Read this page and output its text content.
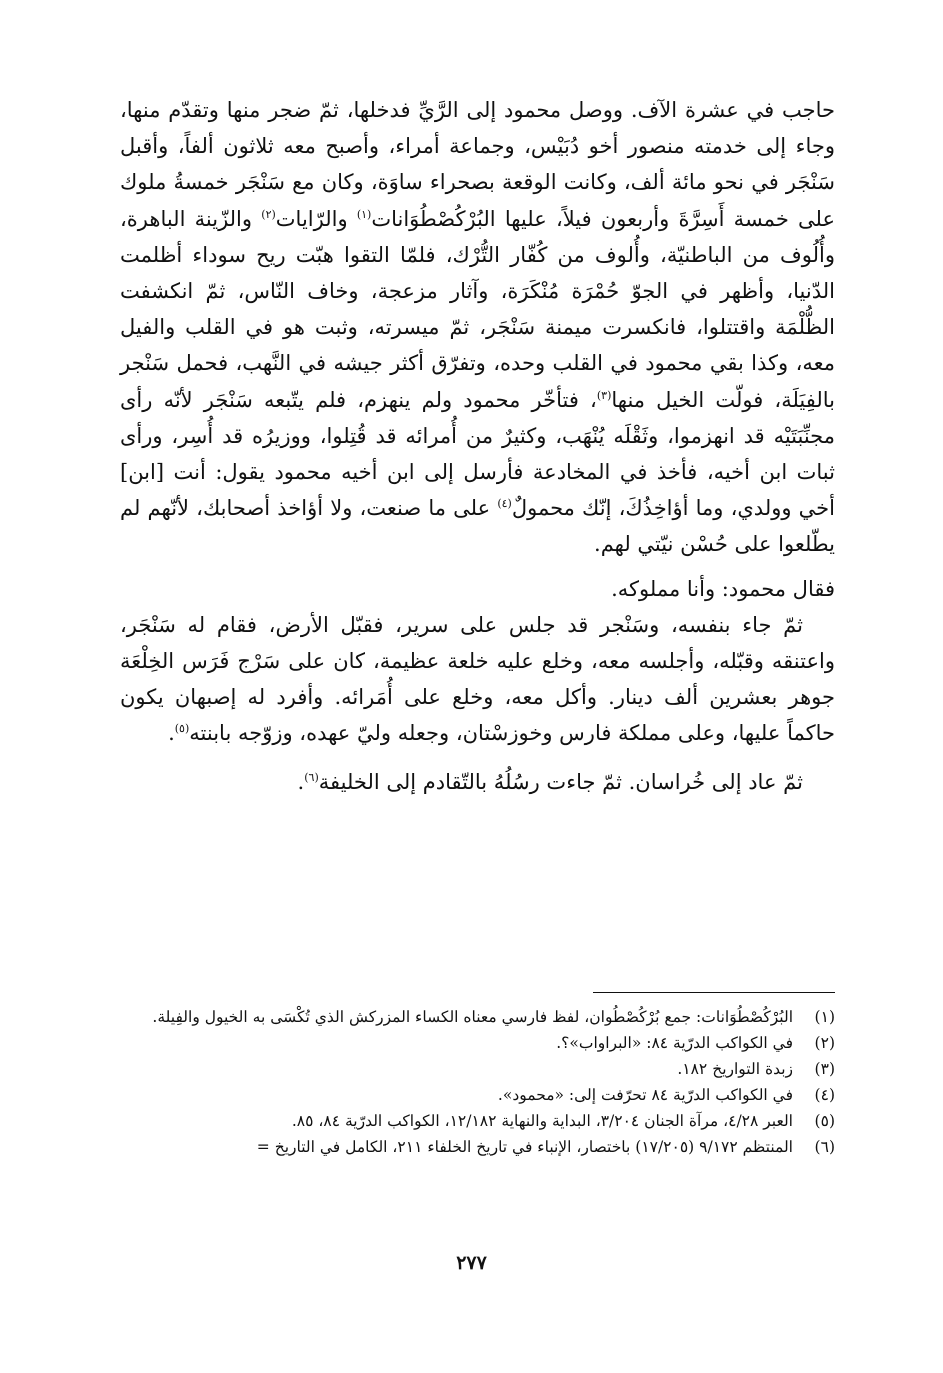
حاجب في عشرة الآف. ووصل محمود إلى الرَّيِّ فدخلها، ثمّ ضجر منها وتقدّم منها، وجاء إلى خدمته منصور أخو دُبَيْس، وجماعة أمراء، وأصبح معه ثلاثون ألفاً، وأقبل سَنْجَر في نحو مائة ألف، وكانت الوقعة بصحراء ساوَة، وكان مع سَنْجَر خمسةُ ملوك على خمسة أَسِرَّةَ وأربعون فيلاً، عليها البُرْكُصْطُوَانات$^{(١)}$ والرّايات$^{(٢)}$ والزّينة الباهرة، وأُلُوف من الباطنيّة، وأُلوف من كُفّار التُّرْك، فلمّا التقوا هبّت ريح سوداء أظلمت الدّنيا، وأظهر في الجوّ حُمْرَة مُنْكَرَة، وآثار مزعجة، وخاف النّاس، ثمّ انكشفت الظُّلْمَة واقتتلوا، فانكسرت ميمنة سَنْجَر، ثمّ ميسرته، وثبت هو في القلب والفيل معه، وكذا بقي محمود في القلب وحده، وتفرّق أكثر جيشه في النَّهب، فحمل سَنْجر بالفِيَلَة، فولّت الخيل منها$^{(٣)}$، فتأخّر محمود ولم ينهزم، فلم يتّبعه سَنْجَر لأنّه رأى مجنِّبَتَيْه قد انهزموا، وثَقْلَه يُنْهَب، وكثيرٌ من أُمرائه قد قُتِلوا، ووزيرُه قد أُسِر، ورأى ثبات ابن أخيه، فأخذ في المخادعة فأرسل إلى ابن أخيه محمود يقول: أنت [ابن] أخي وولدي، وما أؤاخِذُكَ، إنّك محمولٌ$^{(٤)}$ على ما صنعت، ولا أؤاخذ أصحابك، لأنّهم لم يطّلعوا على حُسْن نيّتي لهم.

فقال محمود: وأنا مملوكه.

ثمّ جاء بنفسه، وسَنْجر قد جلس على سرير، فقبّل الأرض، فقام له سَنْجَر، واعتنقه وقبّله، وأجلسه معه، وخلع عليه خلعة عظيمة، كان على سَرْج فَرَس الخِلْعَة جوهر بعشرين ألف دينار. وأكل معه، وخلع على أُمَرائه. وأفرد له إصبهان يكون حاكماً عليها، وعلى مملكة فارس وخوزسْتان، وجعله وليّ عهده، وزوّجه بابنته$^{(٥)}$.

ثمّ عاد إلى خُراسان. ثمّ جاءت رسُلُهُ بالتّقادم إلى الخليفة$^{(٦)}$.

(١)
البُرْكُصْطُوَانات: جمع بُرْكُصْطُوان، لفظ فارسي معناه الكساء المزركش الذي تُكْسَى به الخيول والفِيلة.
(٢)
في الكواكب الدرّية ٨٤: «البراواب»؟.
(٣)
زبدة التواريخ ١٨٢.
(٤)
في الكواكب الدرّية ٨٤ تحرّفت إلى: «محمود».
(٥)
العبر ٤/٢٨، مرآة الجنان ٣/٢٠٤، البداية والنهاية ١٢/١٨٢، الكواكب الدرّية ٨٤، ٨٥.
(٦)
المنتظم ٩/١٧٢ (١٧/٢٠٥) باختصار، الإنباء في تاريخ الخلفاء ٢١١، الكامل في التاريخ =
٢٧٧
